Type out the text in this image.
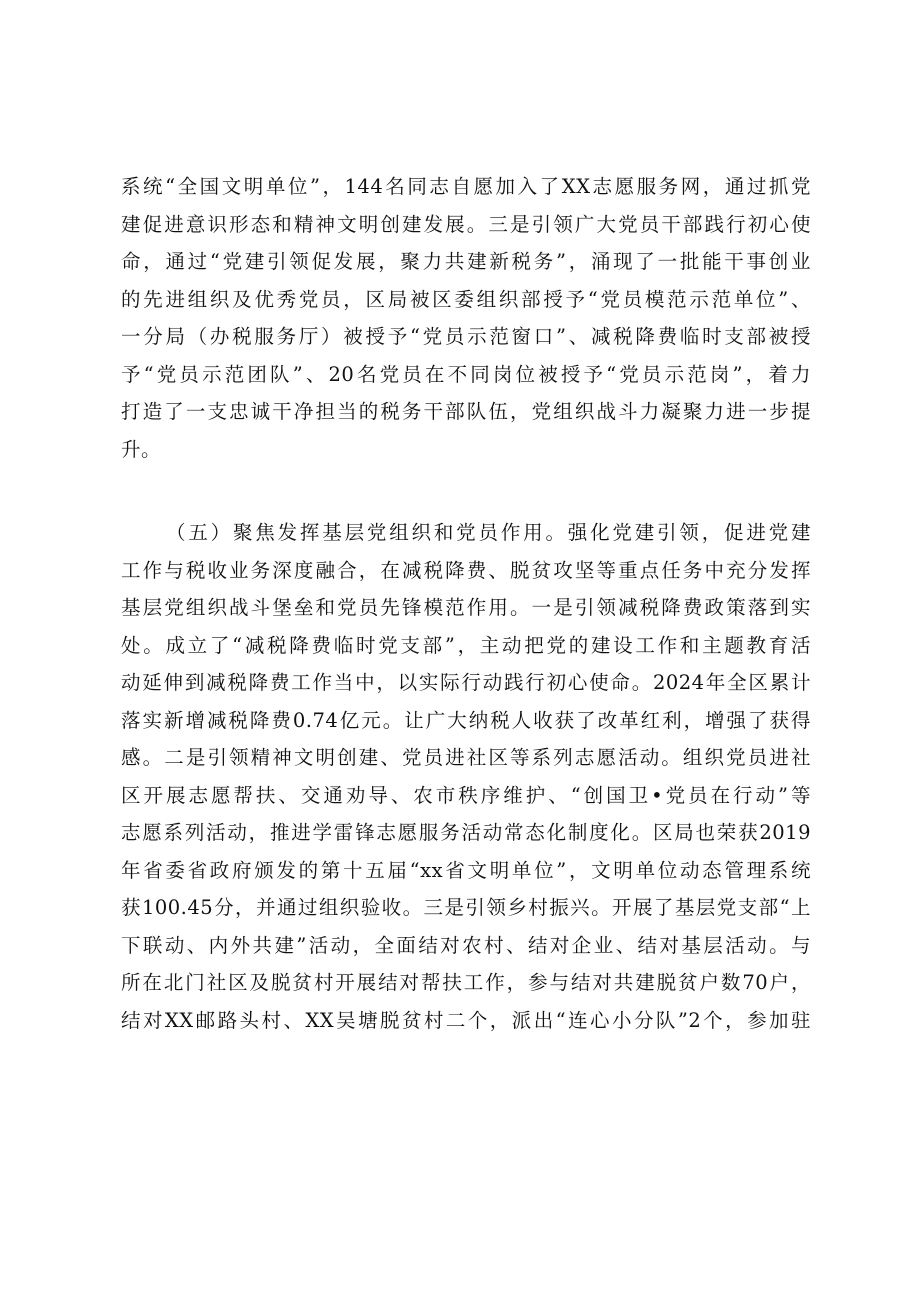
系统“全国文明单位”，144名同志自愿加入了XX志愿服务网，通过抓党
建促进意识形态和精神文明创建发展。三是引领广大党员干部践行初心使
命，通过“党建引领促发展，聚力共建新税务”，涌现了一批能干事创业
的先进组织及优秀党员，区局被区委组织部授予“党员模范示范单位”、
一分局（办税服务厅）被授予“党员示范窗口”、减税降费临时支部被授
予“党员示范团队”、20名党员在不同岗位被授予“党员示范岗”，着力
打造了一支忠诚干净担当的税务干部队伍，党组织战斗力凝聚力进一步提
升。
（五）聚焦发挥基层党组织和党员作用。强化党建引领，促进党建
工作与税收业务深度融合，在减税降费、脱贫攻坚等重点任务中充分发挥
基层党组织战斗堡垒和党员先锋模范作用。一是引领减税降费政策落到实
处。成立了“减税降费临时党支部”，主动把党的建设工作和主题教育活
动延伸到减税降费工作当中，以实际行动践行初心使命。2024年全区累计
落实新增减税降费0.74亿元。让广大纳税人收获了改革红利，增强了获得
感。二是引领精神文明创建、党员进社区等系列志愿活动。组织党员进社
区开展志愿帮扶、交通劝导、农市秩序维护、“创国卫•党员在行动”等
志愿系列活动，推进学雷锋志愿服务活动常态化制度化。区局也荣获2019
年省委省政府颁发的第十五届“xx省文明单位”，文明单位动态管理系统
获100.45分，并通过组织验收。三是引领乡村振兴。开展了基层党支部“上
下联动、内外共建”活动，全面结对农村、结对企业、结对基层活动。与
所在北门社区及脱贫村开展结对帮扶工作，参与结对共建脱贫户数70户，
结对XX邮路头村、XX吴塘脱贫村二个，派出“连心小分队”2个，参加驻
